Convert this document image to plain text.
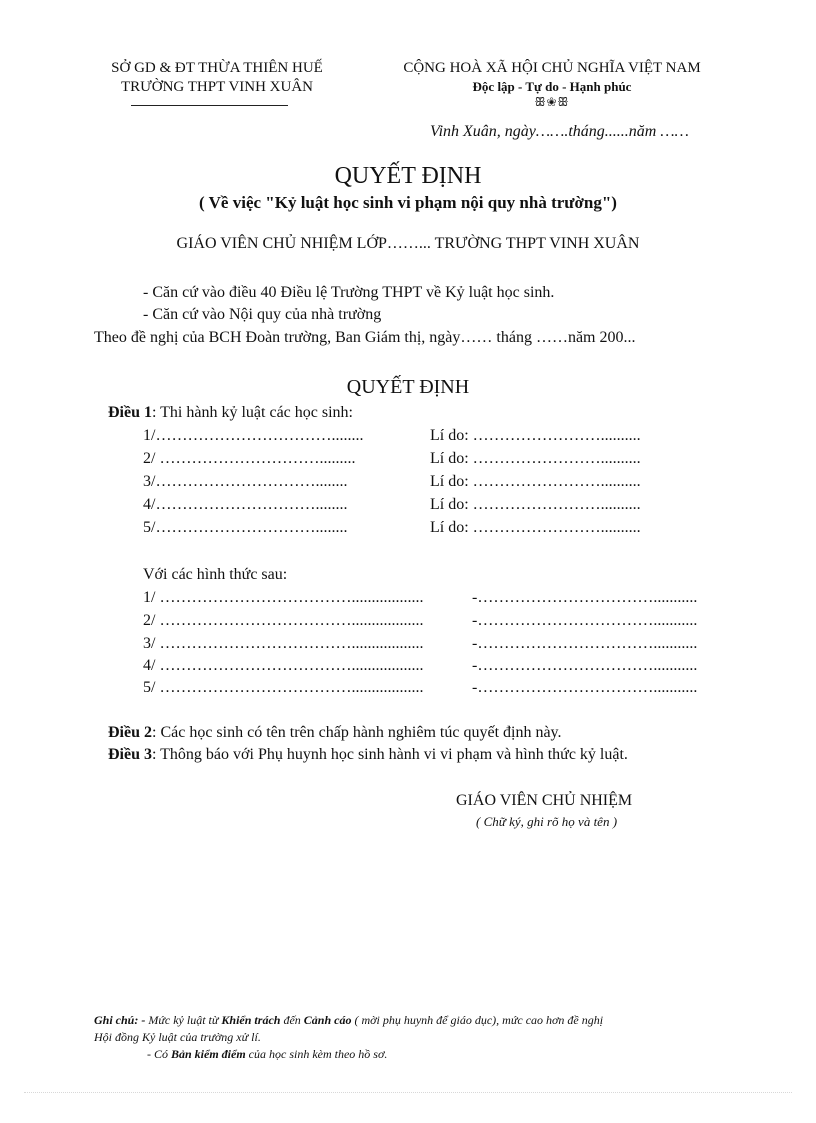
SỞ GD & ĐT THỪA THIÊN HUẾ
TRƯỜNG THPT VINH XUÂN
CỘNG HOÀ XÃ HỘI CHỦ NGHĨA VIỆT NAM
Độc lập - Tự do - Hạnh phúc
ꕥ❀ꕥ
Vinh Xuân, ngày…….tháng......năm ……
QUYẾT ĐỊNH
( Về việc "Kỷ luật học sinh vi phạm nội quy nhà trường")
GIÁO VIÊN CHỦ NHIỆM LỚP……... TRƯỜNG THPT VINH XUÂN
- Căn cứ vào điều 40 Điều lệ Trường THPT về Kỷ luật học sinh.
- Căn cứ vào Nội quy của nhà trường
Theo đề nghị của BCH Đoàn trường, Ban Giám thị, ngày…… tháng ……năm 200...
QUYẾT ĐỊNH
Điều 1: Thi hành kỷ luật các học sinh:
1/……………………………........	Lí do: ……………………..........
2/ ………………………….........	Lí do: ……………………..........
3/…………………………........	Lí do: ……………………..........
4/…………………………........	Lí do: ……………………..........
5/…………………………........	Lí do: ……………………..........
Với các hình thức sau:
1/ ………………………………..................	-……………………………...........
2/ ………………………………..................	-……………………………...........
3/ ………………………………..................	-……………………………...........
4/ ………………………………..................	-……………………………...........
5/ ………………………………..................	-……………………………...........
Điều 2: Các học sinh có tên trên chấp hành nghiêm túc quyết định này.
Điều 3: Thông báo với Phụ huynh học sinh hành vi vi phạm và hình thức kỷ luật.
GIÁO VIÊN CHỦ NHIỆM
( Chữ ký, ghi rõ họ và tên )
Ghi chú: - Mức kỷ luật từ Khiển trách đến Cảnh cáo ( mời phụ huynh để giáo dục), mức cao hơn đề nghị
Hội đồng Kỷ luật của trường xử lí.
- Có Bản kiểm điểm của học sinh kèm theo hồ sơ.
